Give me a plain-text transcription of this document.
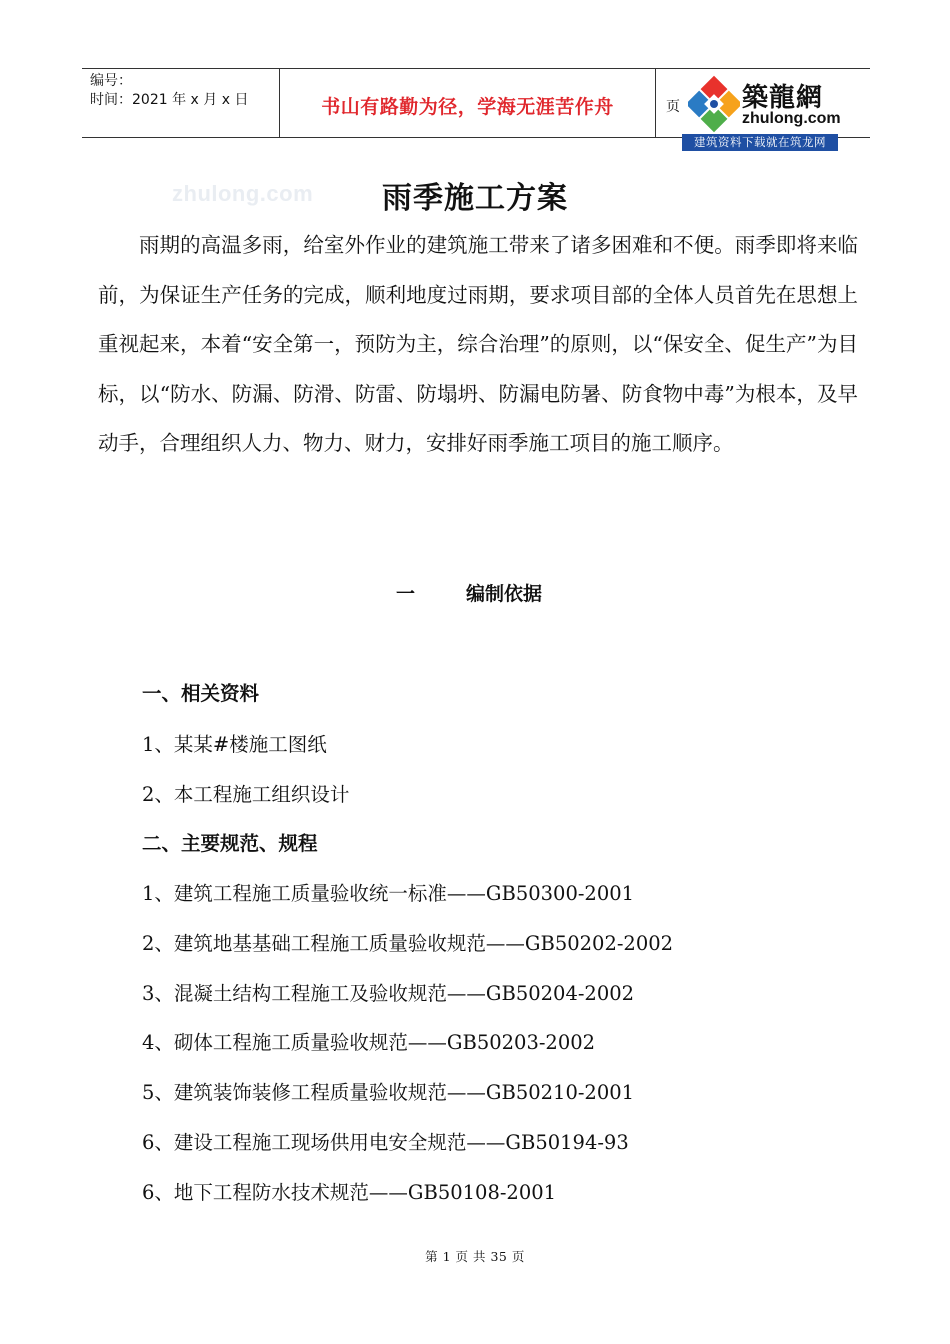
编号：
时间：2021 年 x 月 x 日	书山有路勤为径，学海无涯苦作舟	页 築龍網
zhulong.com
建筑资料下载就在筑龙网
zhulong.com	雨季施工方案

雨期的高温多雨，给室外作业的建筑施工带来了诸多困难和不便。雨季即将来临前，为保证生产任务的完成，顺利地度过雨期，要求项目部的全体人员首先在思想上重视起来，本着“安全第一，预防为主，综合治理”的原则，以“保安全、促生产”为目标，以“防水、防漏、防滑、防雷、防塌坍、防漏电防暑、防食物中毒”为根本，及早动手，合理组织人力、物力、财力，安排好雨季施工项目的施工顺序。

一	编制依据
一、相关资料
1、某某#楼施工图纸
2、本工程施工组织设计
二、主要规范、规程
1、建筑工程施工质量验收统一标准——GB50300-2001
2、建筑地基基础工程施工质量验收规范——GB50202-2002
3、混凝土结构工程施工及验收规范——GB50204-2002
4、砌体工程施工质量验收规范——GB50203-2002
5、建筑装饰装修工程质量验收规范——GB50210-2001
6、建设工程施工现场供用电安全规范——GB50194-93
6、地下工程防水技术规范——GB50108-2001
第 1 页 共 35 页
